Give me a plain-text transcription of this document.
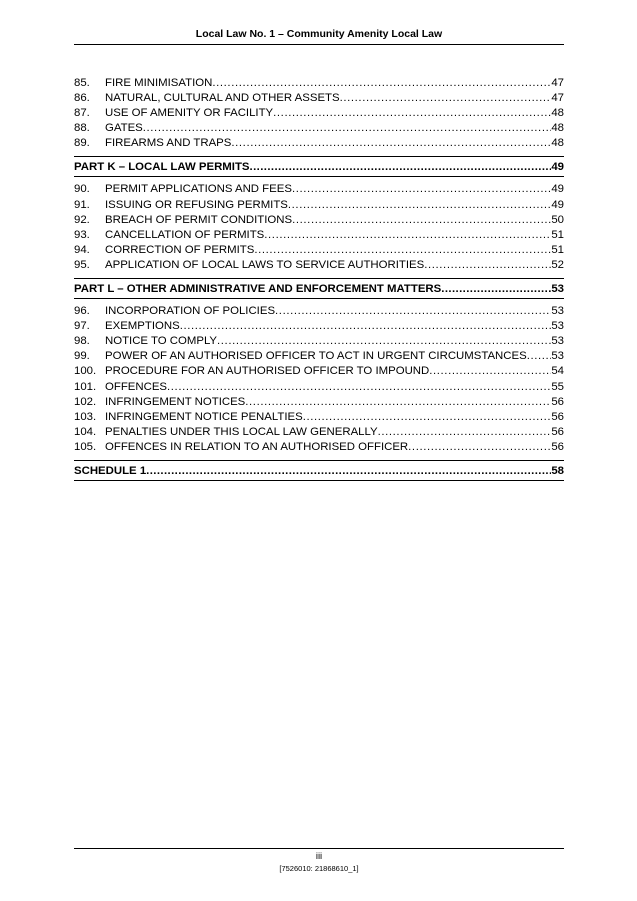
Local Law No. 1 – Community Amenity Local Law
85.	FIRE MINIMISATION .....	47
86.	NATURAL, CULTURAL AND OTHER ASSETS .....	47
87.	USE OF AMENITY OR FACILITY .....	48
88.	GATES .....	48
89.	FIREARMS AND TRAPS .....	48
PART K – LOCAL LAW PERMITS .....	49
90.	PERMIT APPLICATIONS AND FEES .....	49
91.	ISSUING OR REFUSING PERMITS .....	49
92.	BREACH OF PERMIT CONDITIONS .....	50
93.	CANCELLATION OF PERMITS .....	51
94.	CORRECTION OF PERMITS .....	51
95.	APPLICATION OF LOCAL LAWS TO SERVICE AUTHORITIES .....	52
PART L – OTHER ADMINISTRATIVE AND ENFORCEMENT MATTERS .....	53
96.	INCORPORATION OF POLICIES .....	53
97.	EXEMPTIONS .....	53
98.	NOTICE TO COMPLY .....	53
99.	POWER OF AN AUTHORISED OFFICER TO ACT IN URGENT CIRCUMSTANCES ..... 53
100. PROCEDURE FOR AN AUTHORISED OFFICER TO IMPOUND .....	54
101. OFFENCES .....	55
102. INFRINGEMENT NOTICES .....	56
103. INFRINGEMENT NOTICE PENALTIES .....	56
104. PENALTIES UNDER THIS LOCAL LAW GENERALLY .....	56
105. OFFENCES IN RELATION TO AN AUTHORISED OFFICER .....	56
SCHEDULE 1 .....	58
iii
[7526010: 21868610_1]
